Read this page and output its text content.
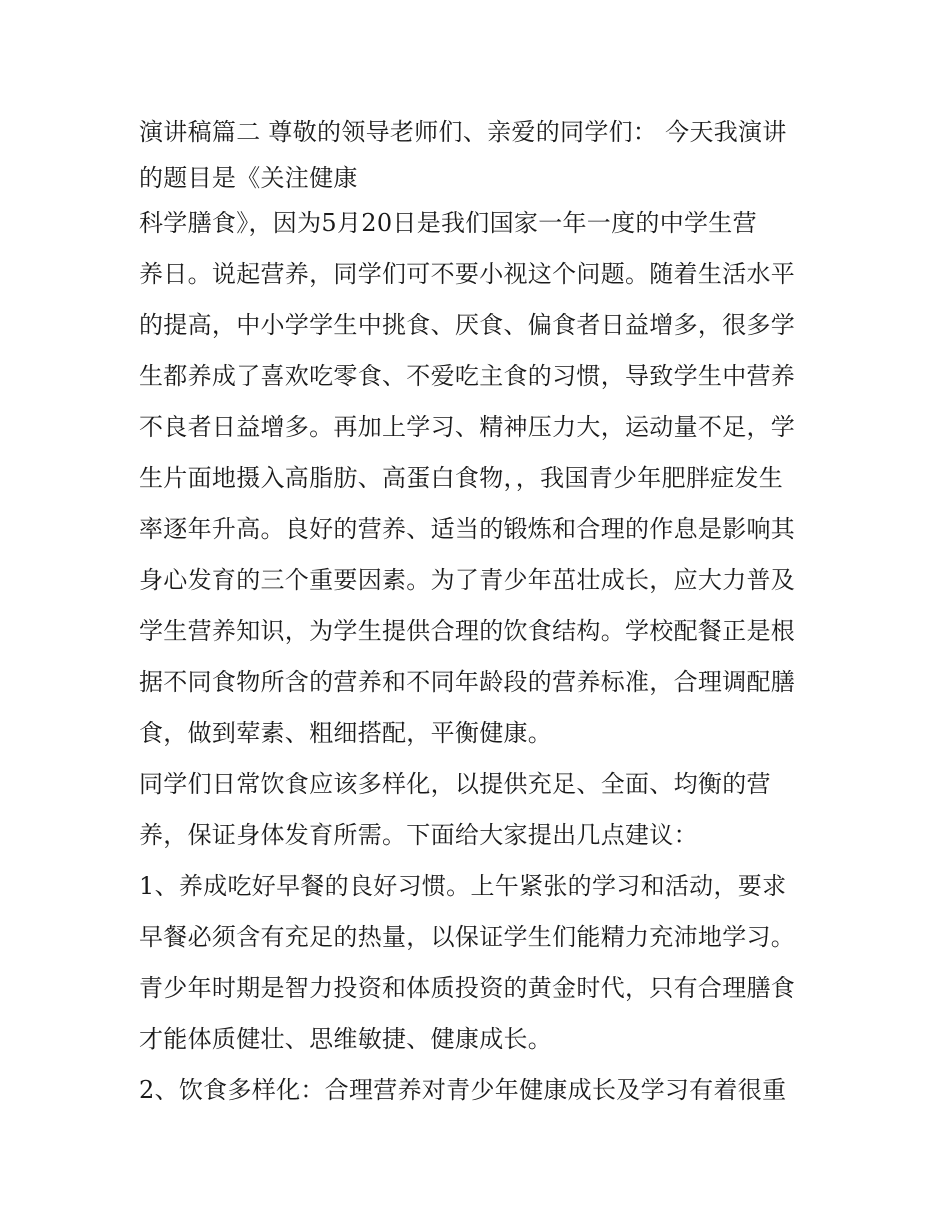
演讲稿篇二 尊敬的领导老师们、亲爱的同学们： 今天我演讲
的题目是《关注健康
科学膳食》，因为5月20日是我们国家一年一度的中学生营
养日。说起营养，同学们可不要小视这个问题。随着生活水平
的提高，中小学学生中挑食、厌食、偏食者日益增多，很多学
生都养成了喜欢吃零食、不爱吃主食的习惯，导致学生中营养
不良者日益增多。再加上学习、精神压力大，运动量不足，学
生片面地摄入高脂肪、高蛋白食物，，我国青少年肥胖症发生
率逐年升高。良好的营养、适当的锻炼和合理的作息是影响其
身心发育的三个重要因素。为了青少年茁壮成长，应大力普及
学生营养知识，为学生提供合理的饮食结构。学校配餐正是根
据不同食物所含的营养和不同年龄段的营养标准，合理调配膳
食，做到荤素、粗细搭配，平衡健康。
同学们日常饮食应该多样化，以提供充足、全面、均衡的营
养，保证身体发育所需。下面给大家提出几点建议：
1、养成吃好早餐的良好习惯。上午紧张的学习和活动，要求
早餐必须含有充足的热量，以保证学生们能精力充沛地学习。
青少年时期是智力投资和体质投资的黄金时代，只有合理膳食
才能体质健壮、思维敏捷、健康成长。
2、饮食多样化：合理营养对青少年健康成长及学习有着很重
